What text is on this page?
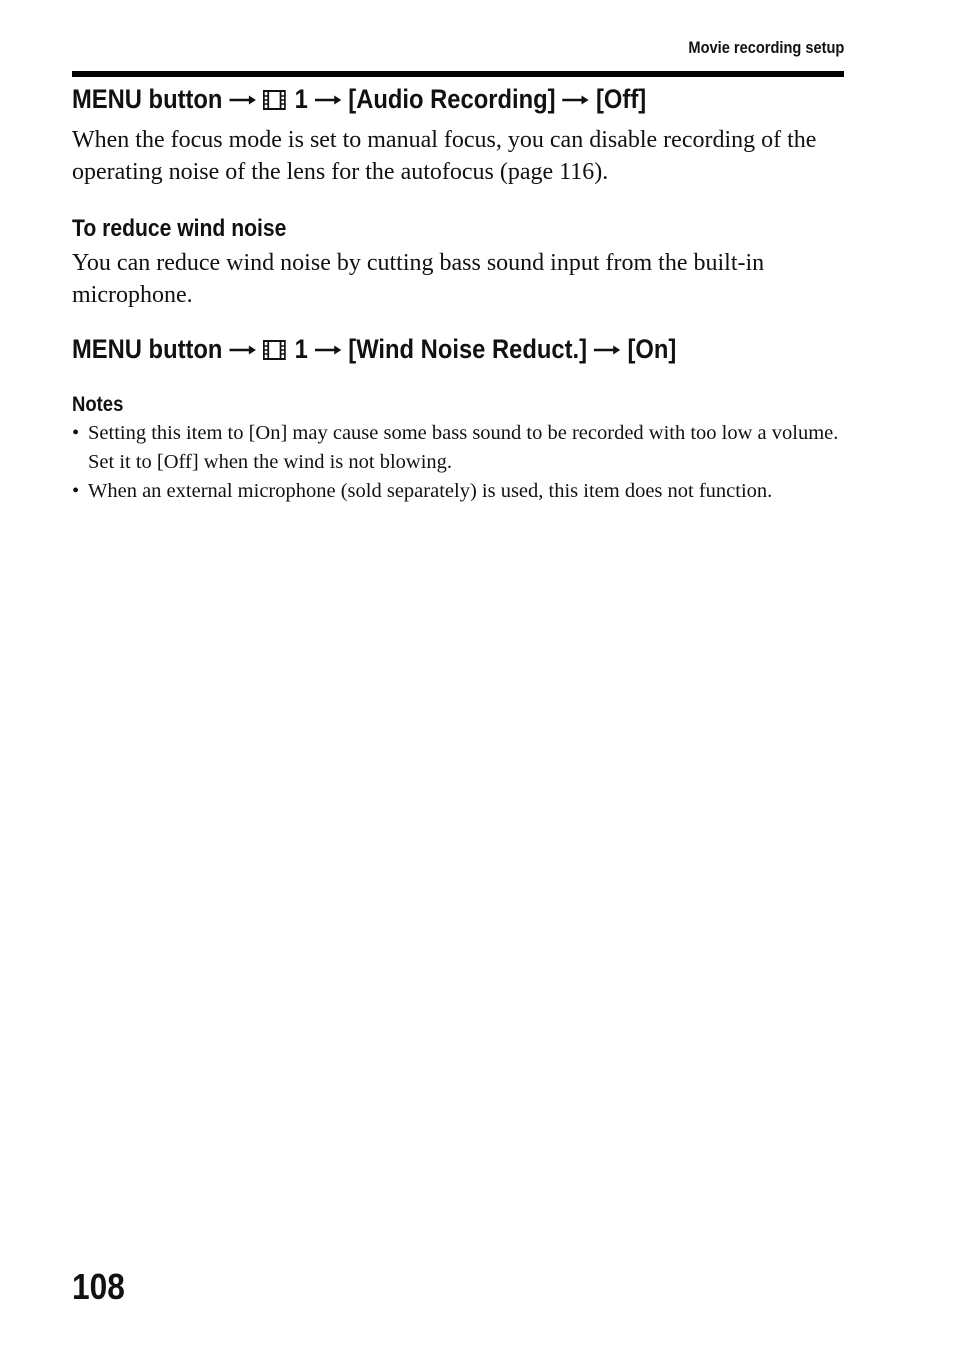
Movie recording setup
MENU button	1 [Audio Recording] [Off]
When the focus mode is set to manual focus, you can disable recording of the operating noise of the lens for the autofocus (page 116).
To reduce wind noise
You can reduce wind noise by cutting bass sound input from the built-in microphone.
MENU button	1 [Wind Noise Reduct.] [On]
Notes
• Setting this item to [On] may cause some bass sound to be recorded with too low a volume. Set it to [Off] when the wind is not blowing.
• When an external microphone (sold separately) is used, this item does not function.
108
